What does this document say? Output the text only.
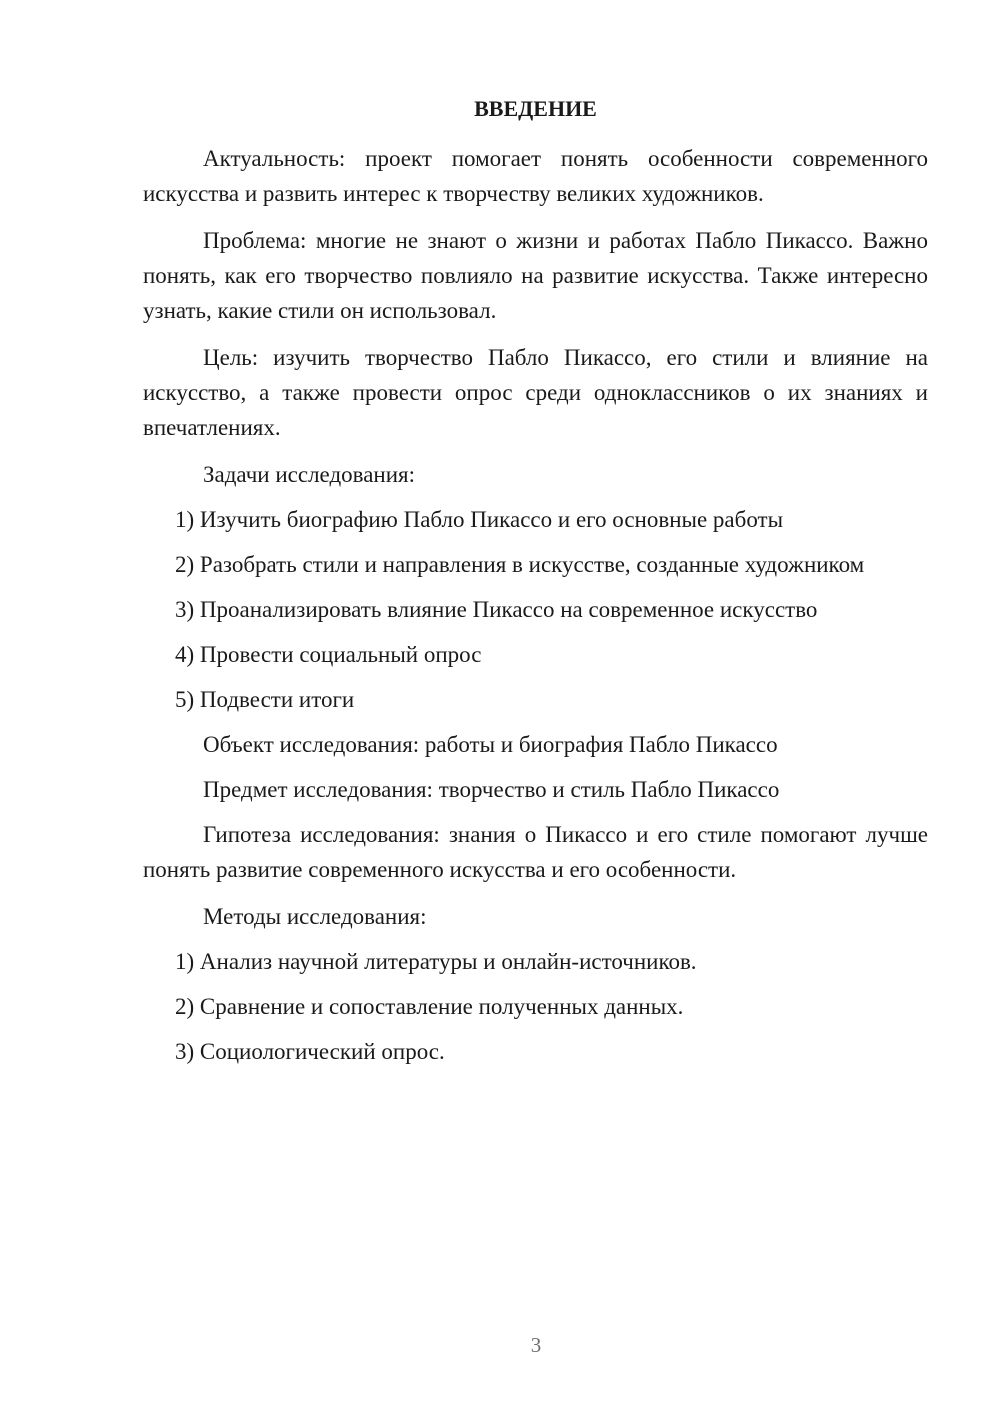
ВВЕДЕНИЕ
Актуальность: проект помогает понять особенности современного искусства и развить интерес к творчеству великих художников.
Проблема: многие не знают о жизни и работах Пабло Пикассо. Важно понять, как его творчество повлияло на развитие искусства. Также интересно узнать, какие стили он использовал.
Цель: изучить творчество Пабло Пикассо, его стили и влияние на искусство, а также провести опрос среди одноклассников о их знаниях и впечатлениях.
Задачи исследования:
1) Изучить биографию Пабло Пикассо и его основные работы
2) Разобрать стили и направления в искусстве, созданные художником
3) Проанализировать влияние Пикассо на современное искусство
4) Провести социальный опрос
5) Подвести итоги
Объект исследования: работы и биография Пабло Пикассо
Предмет исследования: творчество и стиль Пабло Пикассо
Гипотеза исследования: знания о Пикассо и его стиле помогают лучше понять развитие современного искусства и его особенности.
Методы исследования:
1) Анализ научной литературы и онлайн-источников.
2) Сравнение и сопоставление полученных данных.
3) Социологический опрос.
3
